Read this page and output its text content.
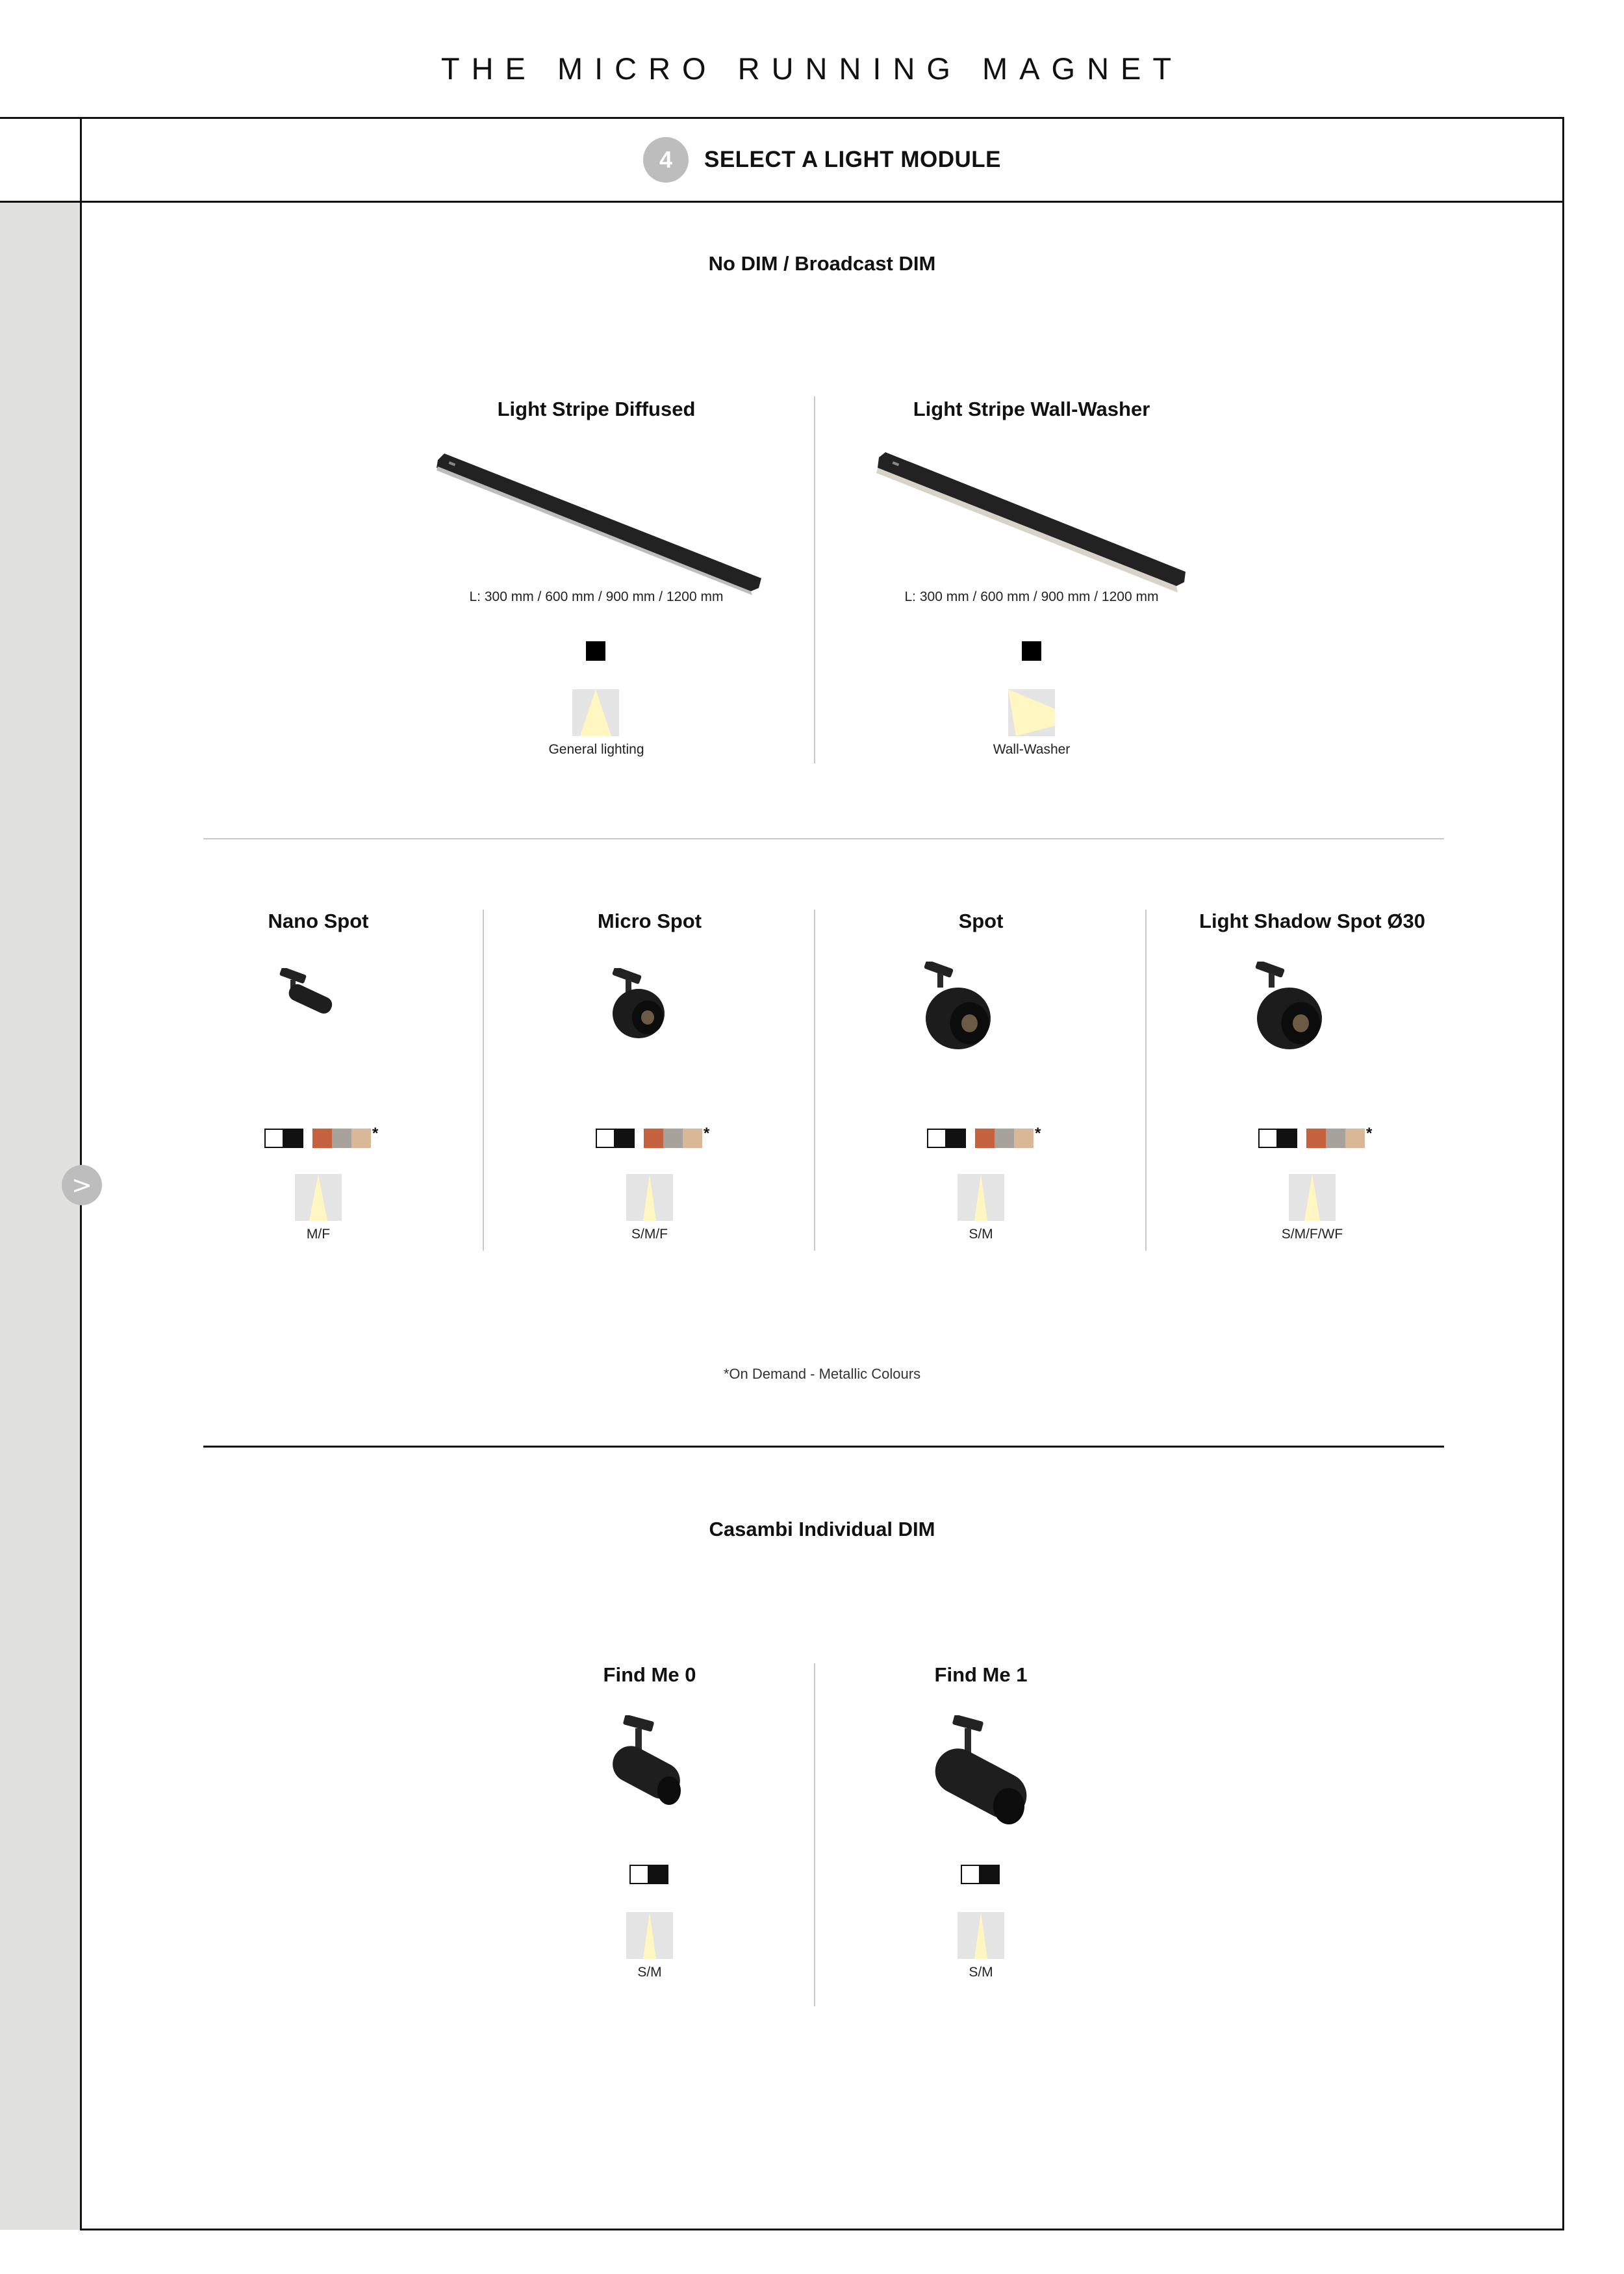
THE MICRO RUNNING MAGNET
4	SELECT A LIGHT MODULE
>
No DIM / Broadcast DIM
Light Stripe Diffused
L: 300 mm / 600 mm / 900 mm / 1200 mm
General lighting
Light Stripe Wall-Washer
L: 300 mm / 600 mm / 900 mm / 1200 mm
Wall-Washer
Nano Spot
*
M/F
Micro Spot
*
S/M/F
Spot
*
S/M
Light Shadow Spot Ø30
*
S/M/F/WF
*On Demand - Metallic Colours
Casambi Individual DIM
Find Me 0
S/M
Find Me 1
S/M
